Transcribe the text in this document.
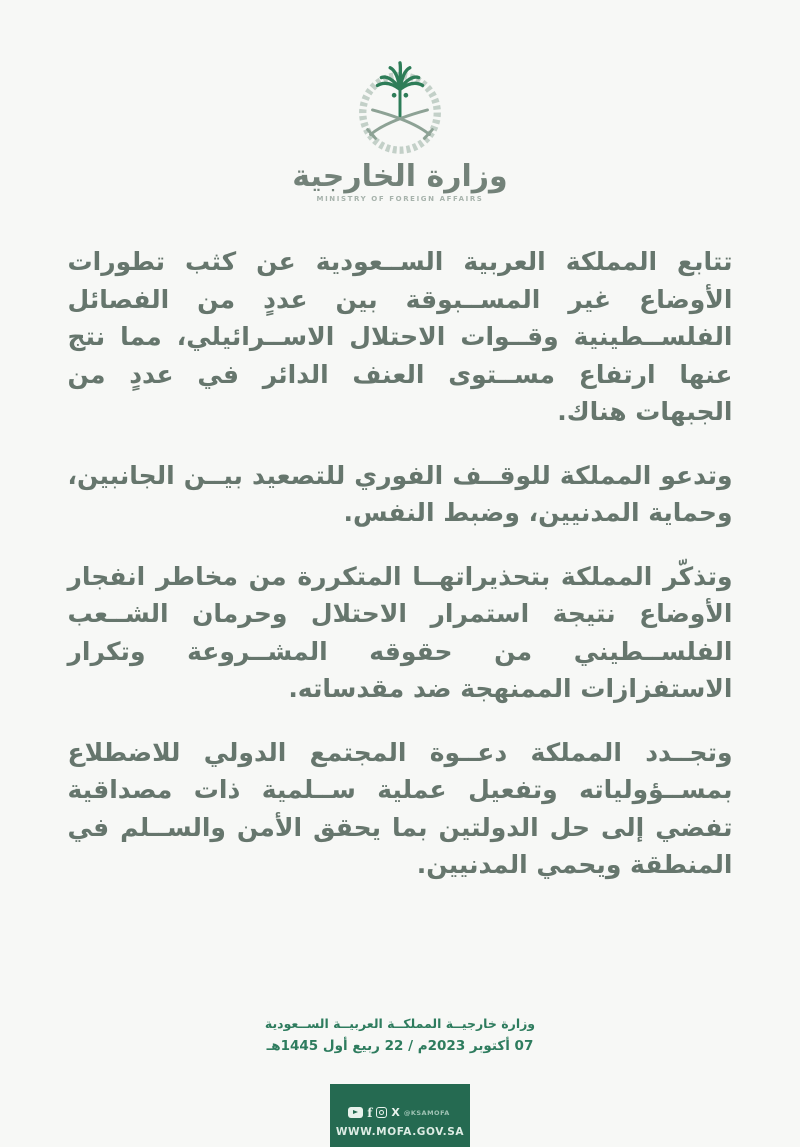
وزارة الخارجية
MINISTRY OF FOREIGN AFFAIRS

تتابع المملكة العربية الســعودية عن كثب تطورات الأوضاع غير المســبوقة بين عددٍ من الفصائل الفلســطينية وقــوات الاحتلال الاســرائيلي، مما نتج عنها ارتفاع مســتوى العنف الدائر في عددٍ من الجبهات هناك.

وتدعو المملكة للوقــف الفوري للتصعيد بيــن الجانبين، وحماية المدنيين، وضبط النفس.

وتذكّر المملكة بتحذيراتهــا المتكررة من مخاطر انفجار الأوضاع نتيجة استمرار الاحتلال وحرمان الشــعب الفلســطيني من حقوقه المشــروعة وتكرار الاستفزازات الممنهجة ضد مقدساته.

وتجــدد المملكة دعــوة المجتمع الدولي للاضطلاع بمســؤولياته وتفعيل عملية ســلمية ذات مصداقية تفضي إلى حل الدولتين بما يحقق الأمن والســلم في المنطقة ويحمي المدنيين.

وزارة خارجيــة المملكــة العربيــة الســعودية
07 أكتوبر 2023م / 22 ربيع أول 1445هـ
f X @KSAMOFA
WWW.MOFA.GOV.SA
